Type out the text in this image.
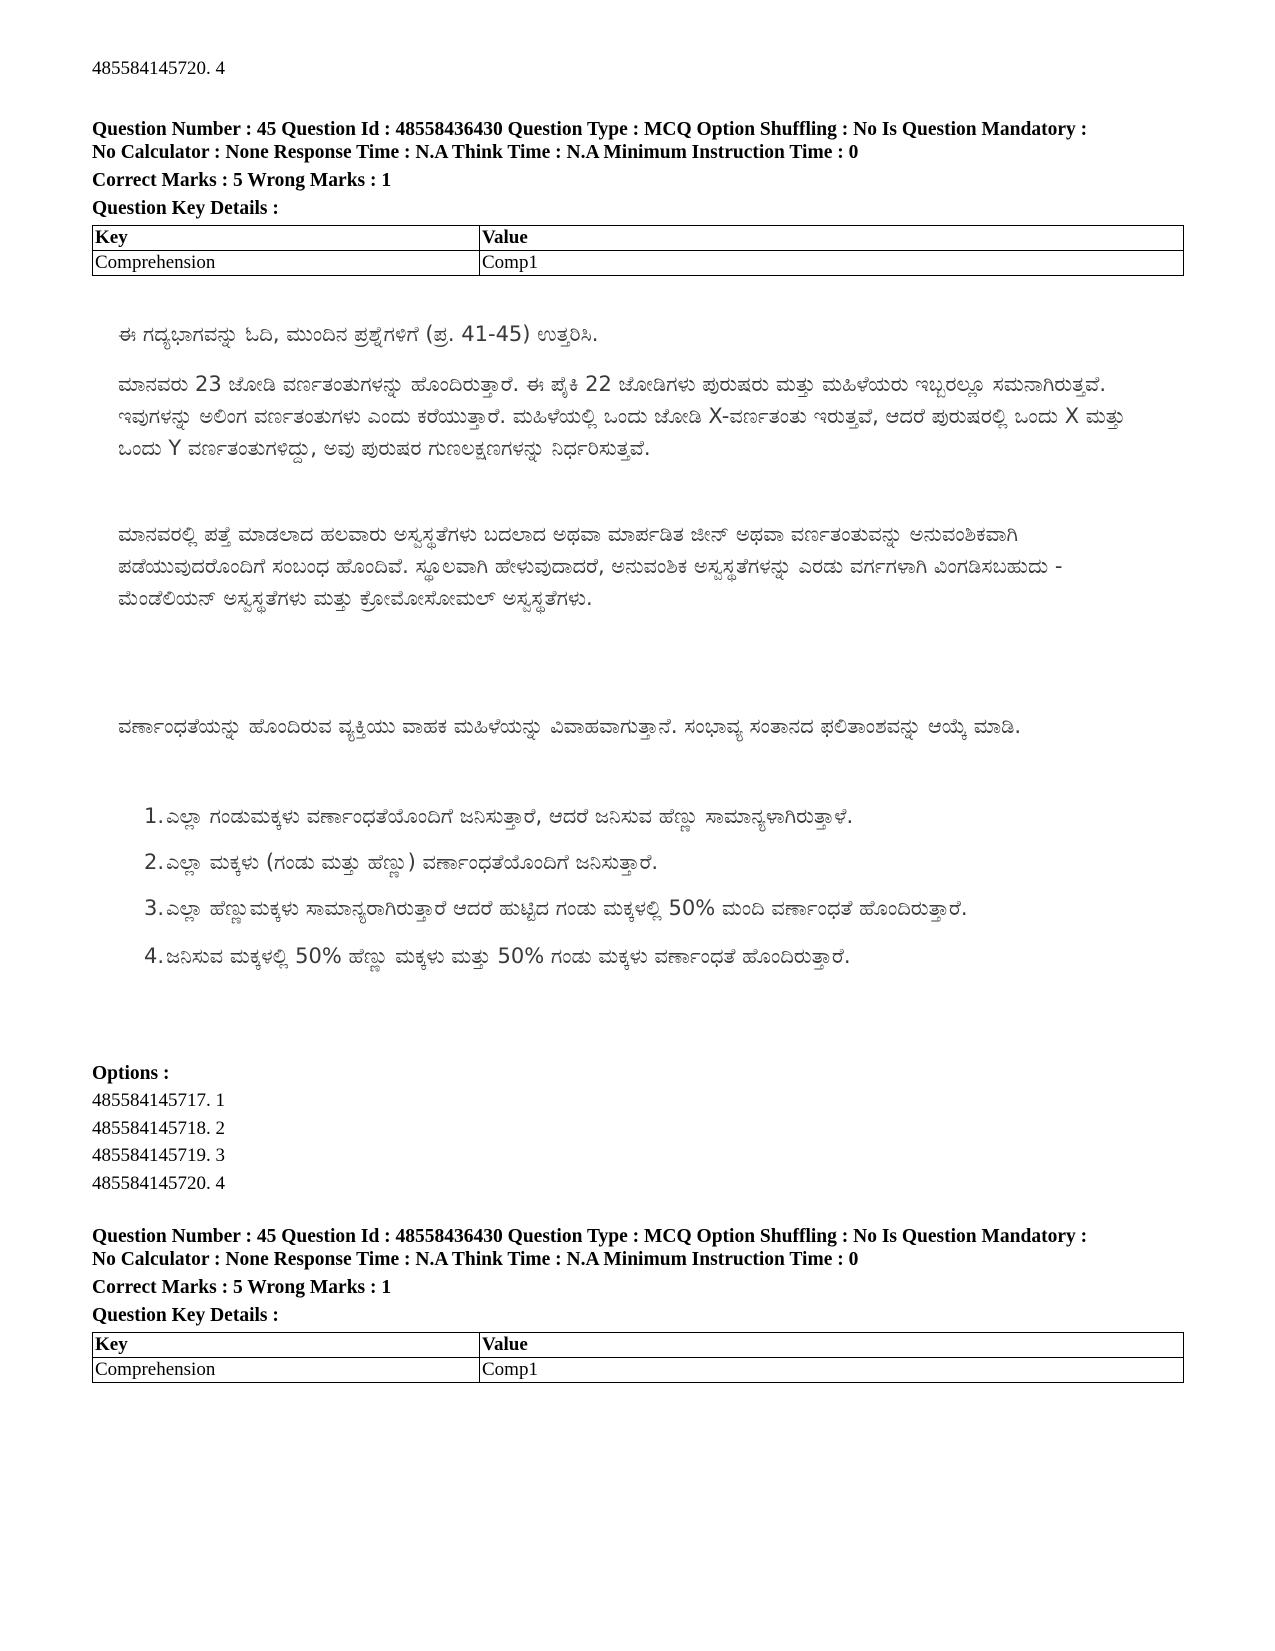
485584145720. 4

Question Number : 45 Question Id : 48558436430 Question Type : MCQ Option Shuffling : No Is Question Mandatory :

No Calculator : None Response Time : N.A Think Time : N.A Minimum Instruction Time : 0

Correct Marks : 5 Wrong Marks : 1
Question Key Details :
Key	Value
Comprehension	Comp1

ಈ ಗದ್ಯಭಾಗವನ್ನು ಓದಿ, ಮುಂದಿನ ಪ್ರಶ್ನೆಗಳಿಗೆ (ಪ್ರ. 41-45) ಉತ್ತರಿಸಿ.

ಮಾನವರು 23 ಜೋಡಿ ವರ್ಣತಂತುಗಳನ್ನು ಹೊಂದಿರುತ್ತಾರೆ. ಈ ಪೈಕಿ 22 ಜೋಡಿಗಳು ಪುರುಷರು ಮತ್ತು ಮಹಿಳೆಯರು ಇಬ್ಬರಲ್ಲೂ ಸಮನಾಗಿರುತ್ತವೆ. ಇವುಗಳನ್ನು ಅಲಿಂಗ ವರ್ಣತಂತುಗಳು ಎಂದು ಕರೆಯುತ್ತಾರೆ. ಮಹಿಳೆಯಲ್ಲಿ ಒಂದು ಜೋಡಿ X-ವರ್ಣತಂತು ಇರುತ್ತವೆ, ಆದರೆ ಪುರುಷರಲ್ಲಿ ಒಂದು X ಮತ್ತು ಒಂದು Y ವರ್ಣತಂತುಗಳಿದ್ದು, ಅವು ಪುರುಷರ ಗುಣಲಕ್ಷಣಗಳನ್ನು ನಿರ್ಧರಿಸುತ್ತವೆ.

ಮಾನವರಲ್ಲಿ ಪತ್ತೆ ಮಾಡಲಾದ ಹಲವಾರು ಅಸ್ವಸ್ಥತೆಗಳು ಬದಲಾದ ಅಥವಾ ಮಾರ್ಪಡಿತ ಜೀನ್ ಅಥವಾ ವರ್ಣತಂತುವನ್ನು ಅನುವಂಶಿಕವಾಗಿ ಪಡೆಯುವುದರೊಂದಿಗೆ ಸಂಬಂಧ ಹೊಂದಿವೆ. ಸ್ಥೂಲವಾಗಿ ಹೇಳುವುದಾದರೆ, ಅನುವಂಶಿಕ ಅಸ್ವಸ್ಥತೆಗಳನ್ನು ಎರಡು ವರ್ಗಗಳಾಗಿ ವಿಂಗಡಿಸಬಹುದು - ಮೆಂಡೆಲಿಯನ್ ಅಸ್ವಸ್ಥತೆಗಳು ಮತ್ತು ಕ್ರೋಮೋಸೋಮಲ್ ಅಸ್ವಸ್ಥತೆಗಳು.

ವರ್ಣಾಂಧತೆಯನ್ನು ಹೊಂದಿರುವ ವ್ಯಕ್ತಿಯು ವಾಹಕ ಮಹಿಳೆಯನ್ನು ವಿವಾಹವಾಗುತ್ತಾನೆ. ಸಂಭಾವ್ಯ ಸಂತಾನದ ಫಲಿತಾಂಶವನ್ನು ಆಯ್ಕೆ ಮಾಡಿ.

1. ಎಲ್ಲಾ ಗಂಡುಮಕ್ಕಳು ವರ್ಣಾಂಧತೆಯೊಂದಿಗೆ ಜನಿಸುತ್ತಾರೆ, ಆದರೆ ಜನಿಸುವ ಹೆಣ್ಣು ಸಾಮಾನ್ಯಳಾಗಿರುತ್ತಾಳೆ.
2. ಎಲ್ಲಾ ಮಕ್ಕಳು (ಗಂಡು ಮತ್ತು ಹೆಣ್ಣು) ವರ್ಣಾಂಧತೆಯೊಂದಿಗೆ ಜನಿಸುತ್ತಾರೆ.
3. ಎಲ್ಲಾ ಹೆಣ್ಣುಮಕ್ಕಳು ಸಾಮಾನ್ಯರಾಗಿರುತ್ತಾರೆ ಆದರೆ ಹುಟ್ಟಿದ ಗಂಡು ಮಕ್ಕಳಲ್ಲಿ 50% ಮಂದಿ ವರ್ಣಾಂಧತೆ ಹೊಂದಿರುತ್ತಾರೆ.
4. ಜನಿಸುವ ಮಕ್ಕಳಲ್ಲಿ 50% ಹೆಣ್ಣು ಮಕ್ಕಳು ಮತ್ತು 50% ಗಂಡು ಮಕ್ಕಳು ವರ್ಣಾಂಧತೆ ಹೊಂದಿರುತ್ತಾರೆ.
Options :
485584145717. 1
485584145718. 2
485584145719. 3
485584145720. 4

Question Number : 45 Question Id : 48558436430 Question Type : MCQ Option Shuffling : No Is Question Mandatory :

No Calculator : None Response Time : N.A Think Time : N.A Minimum Instruction Time : 0

Correct Marks : 5 Wrong Marks : 1
Question Key Details :
Key	Value
Comprehension	Comp1
